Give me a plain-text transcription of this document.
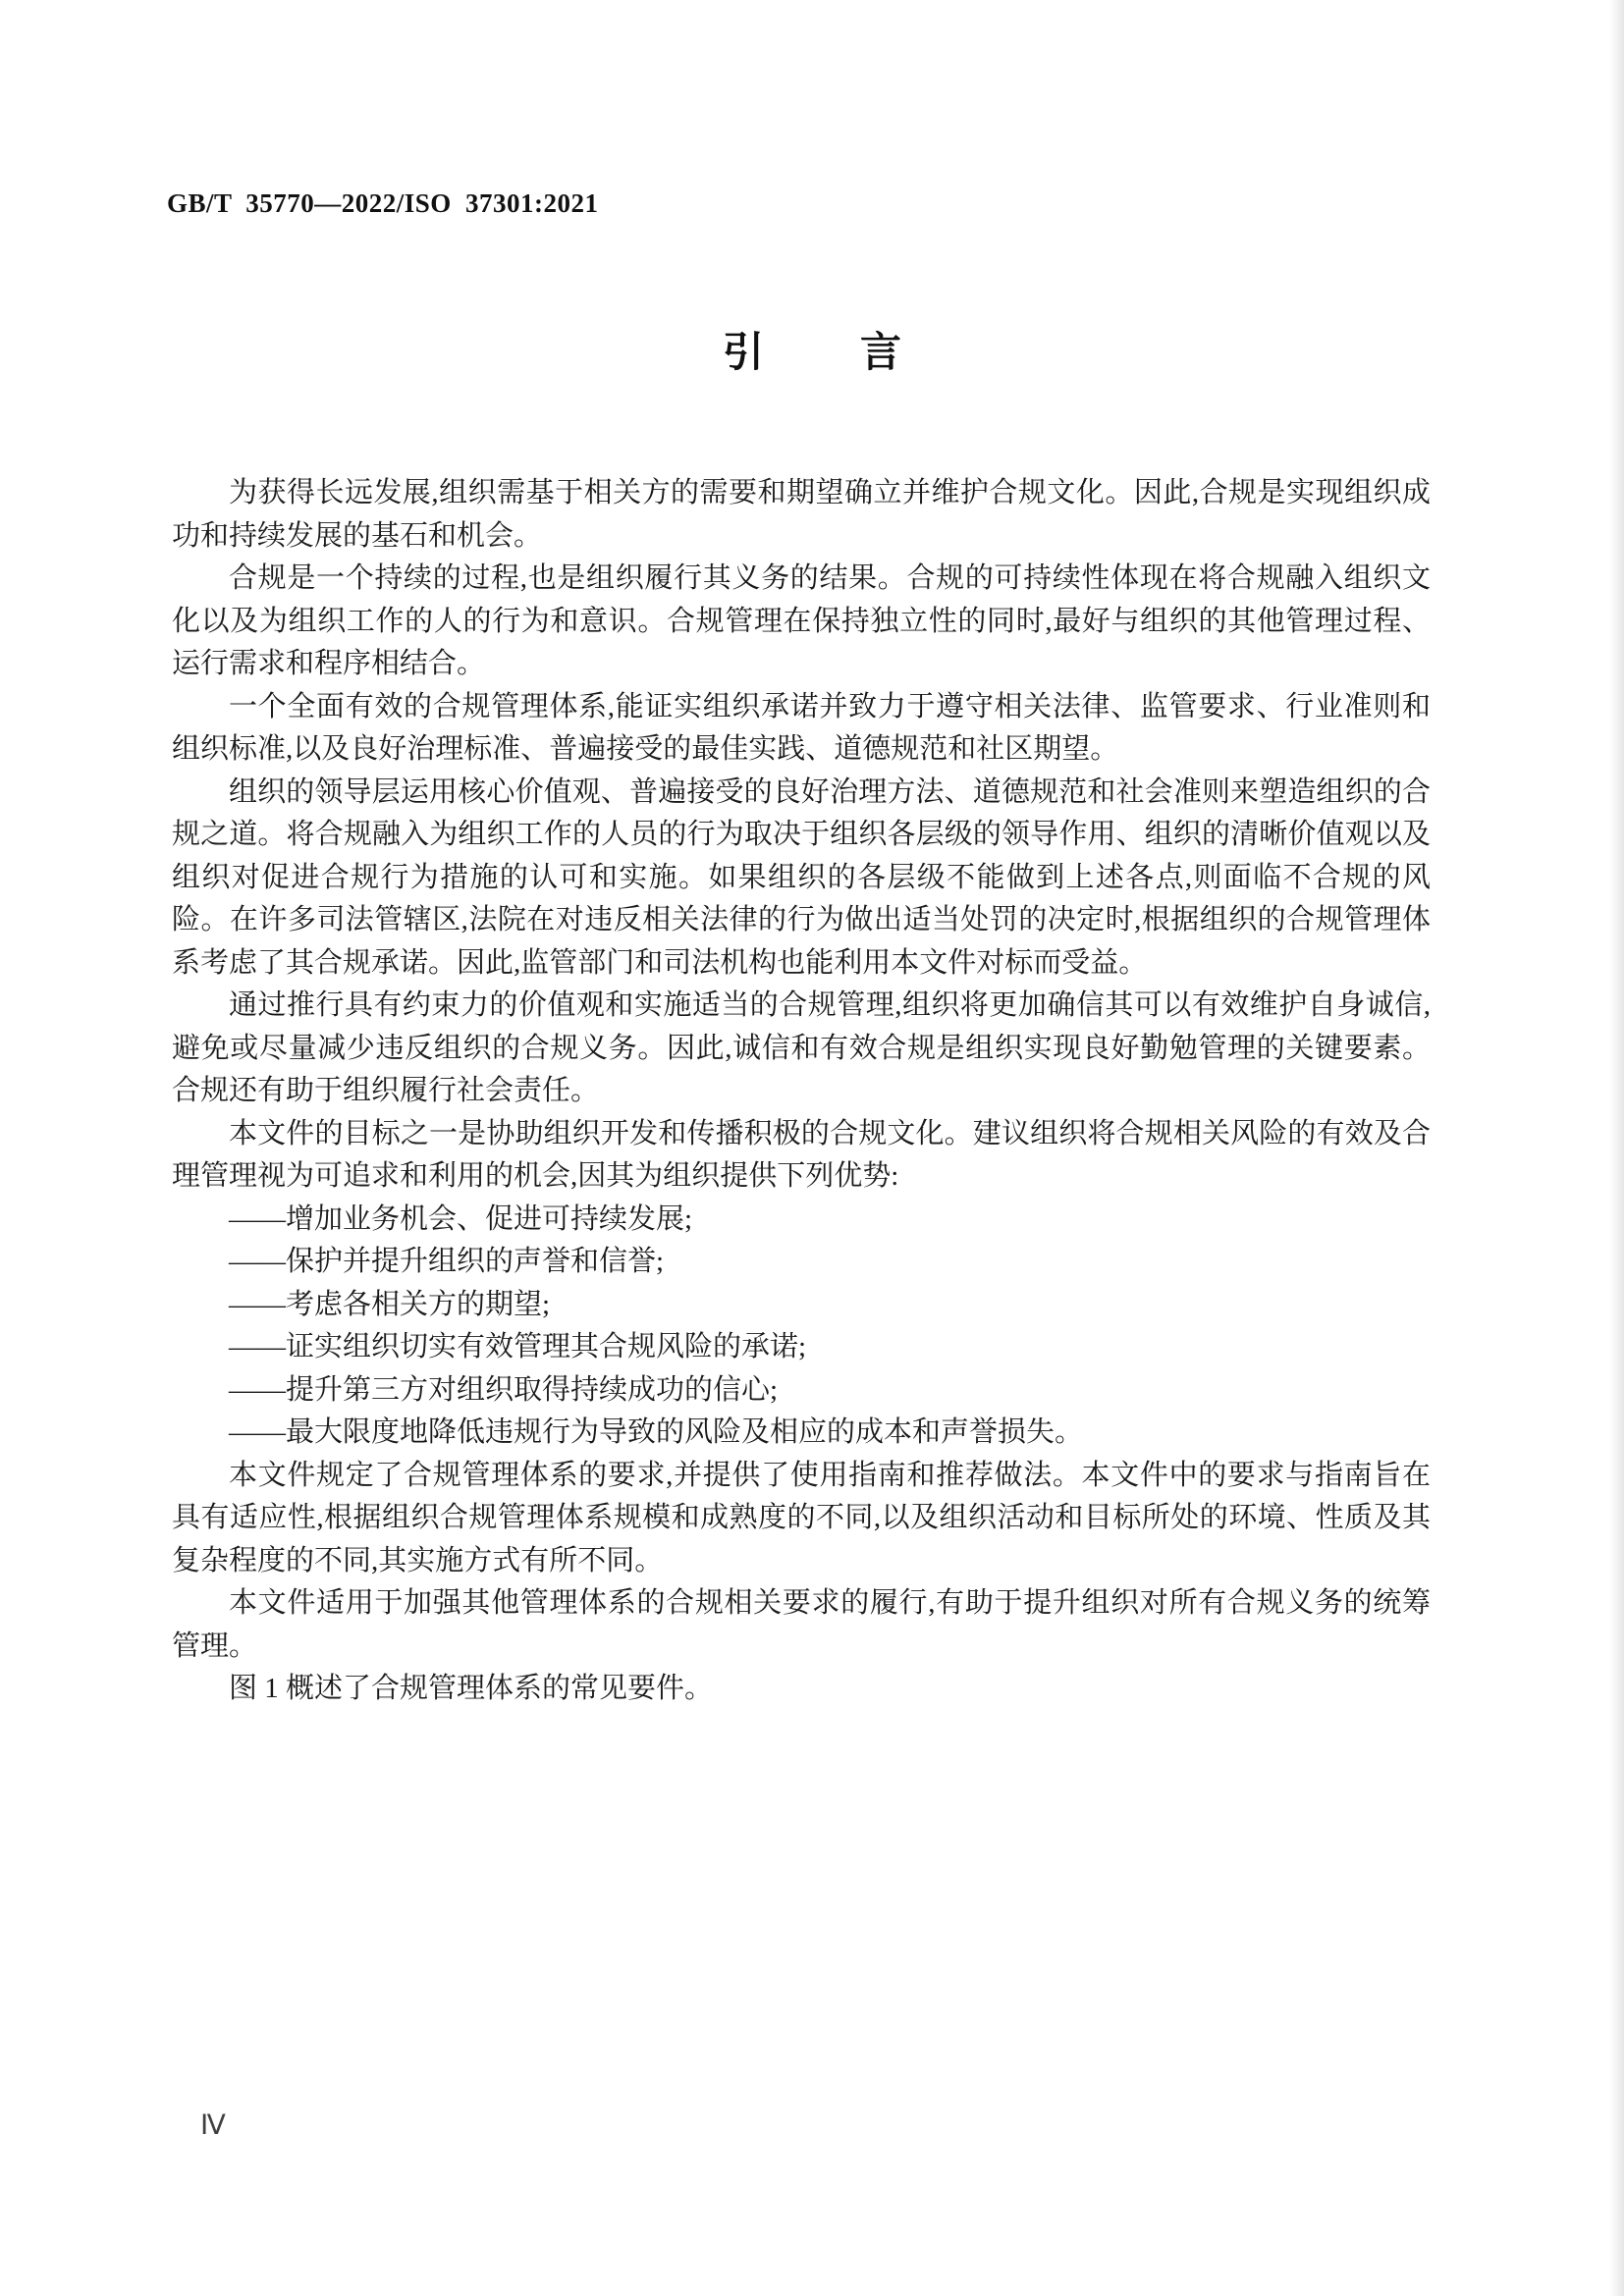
GB/T 35770—2022/ISO 37301:2021
引 言

为获得长远发展,组织需基于相关方的需要和期望确立并维护合规文化。因此,合规是实现组织成功和持续发展的基石和机会。

合规是一个持续的过程,也是组织履行其义务的结果。合规的可持续性体现在将合规融入组织文化以及为组织工作的人的行为和意识。合规管理在保持独立性的同时,最好与组织的其他管理过程、运行需求和程序相结合。

一个全面有效的合规管理体系,能证实组织承诺并致力于遵守相关法律、监管要求、行业准则和组织标准,以及良好治理标准、普遍接受的最佳实践、道德规范和社区期望。

组织的领导层运用核心价值观、普遍接受的良好治理方法、道德规范和社会准则来塑造组织的合规之道。将合规融入为组织工作的人员的行为取决于组织各层级的领导作用、组织的清晰价值观以及组织对促进合规行为措施的认可和实施。如果组织的各层级不能做到上述各点,则面临不合规的风险。在许多司法管辖区,法院在对违反相关法律的行为做出适当处罚的决定时,根据组织的合规管理体系考虑了其合规承诺。因此,监管部门和司法机构也能利用本文件对标而受益。

通过推行具有约束力的价值观和实施适当的合规管理,组织将更加确信其可以有效维护自身诚信,避免或尽量减少违反组织的合规义务。因此,诚信和有效合规是组织实现良好勤勉管理的关键要素。合规还有助于组织履行社会责任。

本文件的目标之一是协助组织开发和传播积极的合规文化。建议组织将合规相关风险的有效及合理管理视为可追求和利用的机会,因其为组织提供下列优势:

——增加业务机会、促进可持续发展;

——保护并提升组织的声誉和信誉;

——考虑各相关方的期望;

——证实组织切实有效管理其合规风险的承诺;

——提升第三方对组织取得持续成功的信心;

——最大限度地降低违规行为导致的风险及相应的成本和声誉损失。

本文件规定了合规管理体系的要求,并提供了使用指南和推荐做法。本文件中的要求与指南旨在具有适应性,根据组织合规管理体系规模和成熟度的不同,以及组织活动和目标所处的环境、性质及其复杂程度的不同,其实施方式有所不同。

本文件适用于加强其他管理体系的合规相关要求的履行,有助于提升组织对所有合规义务的统筹管理。

图 1 概述了合规管理体系的常见要件。

Ⅳ
